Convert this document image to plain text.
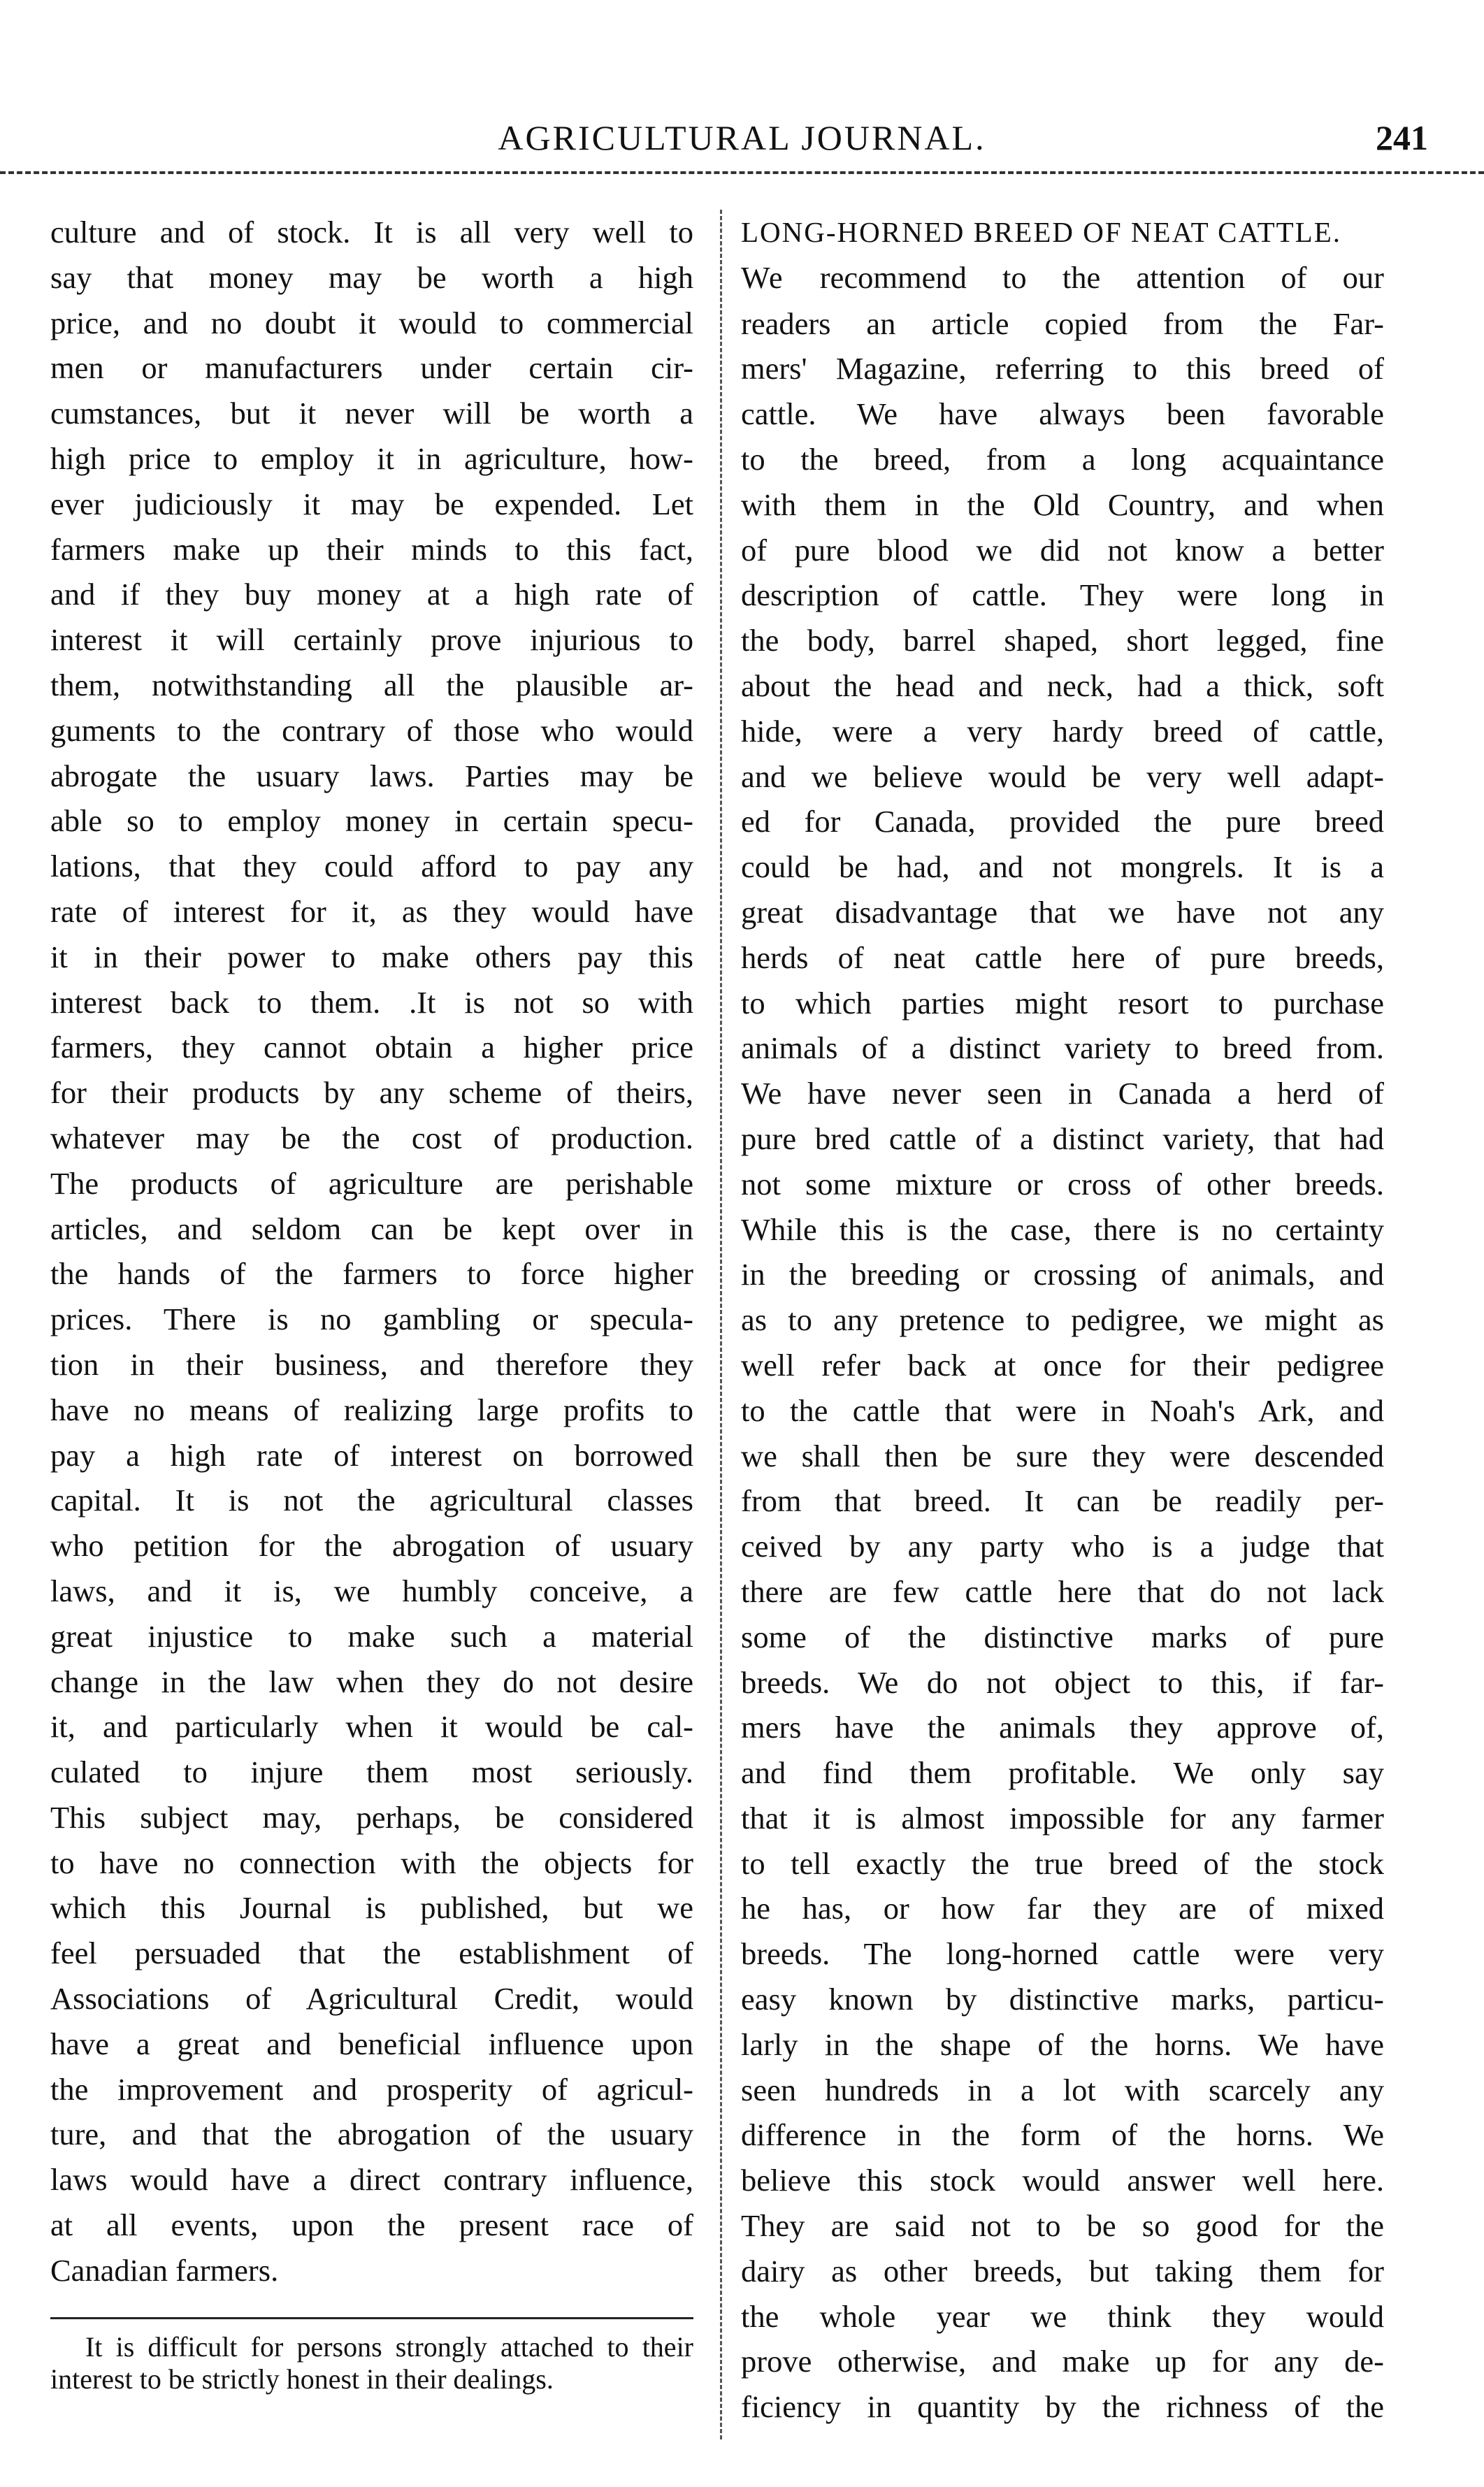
AGRICULTURAL JOURNAL.	241

culture and of stock. It is all very well to

say that money may be worth a high

price, and no doubt it would to commercial

men or manufacturers under certain cir-

cumstances, but it never will be worth a

high price to employ it in agriculture, how-

ever judiciously it may be expended. Let

farmers make up their minds to this fact,

and if they buy money at a high rate of

interest it will certainly prove injurious to

them, notwithstanding all the plausible ar-

guments to the contrary of those who would

abrogate the usuary laws. Parties may be

able so to employ money in certain specu-

lations, that they could afford to pay any

rate of interest for it, as they would have

it in their power to make others pay this

interest back to them. .It is not so with

farmers, they cannot obtain a higher price

for their products by any scheme of theirs,

whatever may be the cost of production.

The products of agriculture are perishable

articles, and seldom can be kept over in

the hands of the farmers to force higher

prices. There is no gambling or specula-

tion in their business, and therefore they

have no means of realizing large profits to

pay a high rate of interest on borrowed

capital. It is not the agricultural classes

who petition for the abrogation of usuary

laws, and it is, we humbly conceive, a

great injustice to make such a material

change in the law when they do not desire

it, and particularly when it would be cal-

culated to injure them most seriously.

This subject may, perhaps, be considered

to have no connection with the objects for

which this Journal is published, but we

feel persuaded that the establishment of

Associations of Agricultural Credit, would

have a great and beneficial influence upon

the improvement and prosperity of agricul-

ture, and that the abrogation of the usuary

laws would have a direct contrary influence,

at all events, upon the present race of

Canadian farmers.

LONG-HORNED BREED OF NEAT CATTLE.

We recommend to the attention of our

readers an article copied from the Far-

mers' Magazine, referring to this breed of

cattle. We have always been favorable

to the breed, from a long acquaintance

with them in the Old Country, and when

of pure blood we did not know a better

description of cattle. They were long in

the body, barrel shaped, short legged, fine

about the head and neck, had a thick, soft

hide, were a very hardy breed of cattle,

and we believe would be very well adapt-

ed for Canada, provided the pure breed

could be had, and not mongrels. It is a

great disadvantage that we have not any

herds of neat cattle here of pure breeds,

to which parties might resort to purchase

animals of a distinct variety to breed from.

We have never seen in Canada a herd of

pure bred cattle of a distinct variety, that had

not some mixture or cross of other breeds.

While this is the case, there is no certainty

in the breeding or crossing of animals, and

as to any pretence to pedigree, we might as

well refer back at once for their pedigree

to the cattle that were in Noah's Ark, and

we shall then be sure they were descended

from that breed. It can be readily per-

ceived by any party who is a judge that

there are few cattle here that do not lack

some of the distinctive marks of pure

breeds. We do not object to this, if far-

mers have the animals they approve of,

and find them profitable. We only say

that it is almost impossible for any farmer

to tell exactly the true breed of the stock

he has, or how far they are of mixed

breeds. The long-horned cattle were very

easy known by distinctive marks, particu-

larly in the shape of the horns. We have

seen hundreds in a lot with scarcely any

difference in the form of the horns. We

believe this stock would answer well here.

They are said not to be so good for the

dairy as other breeds, but taking them for

the whole year we think they would

prove otherwise, and make up for any de-

ficiency in quantity by the richness of the

It is difficult for persons strongly attached to their interest to be strictly honest in their dealings.
